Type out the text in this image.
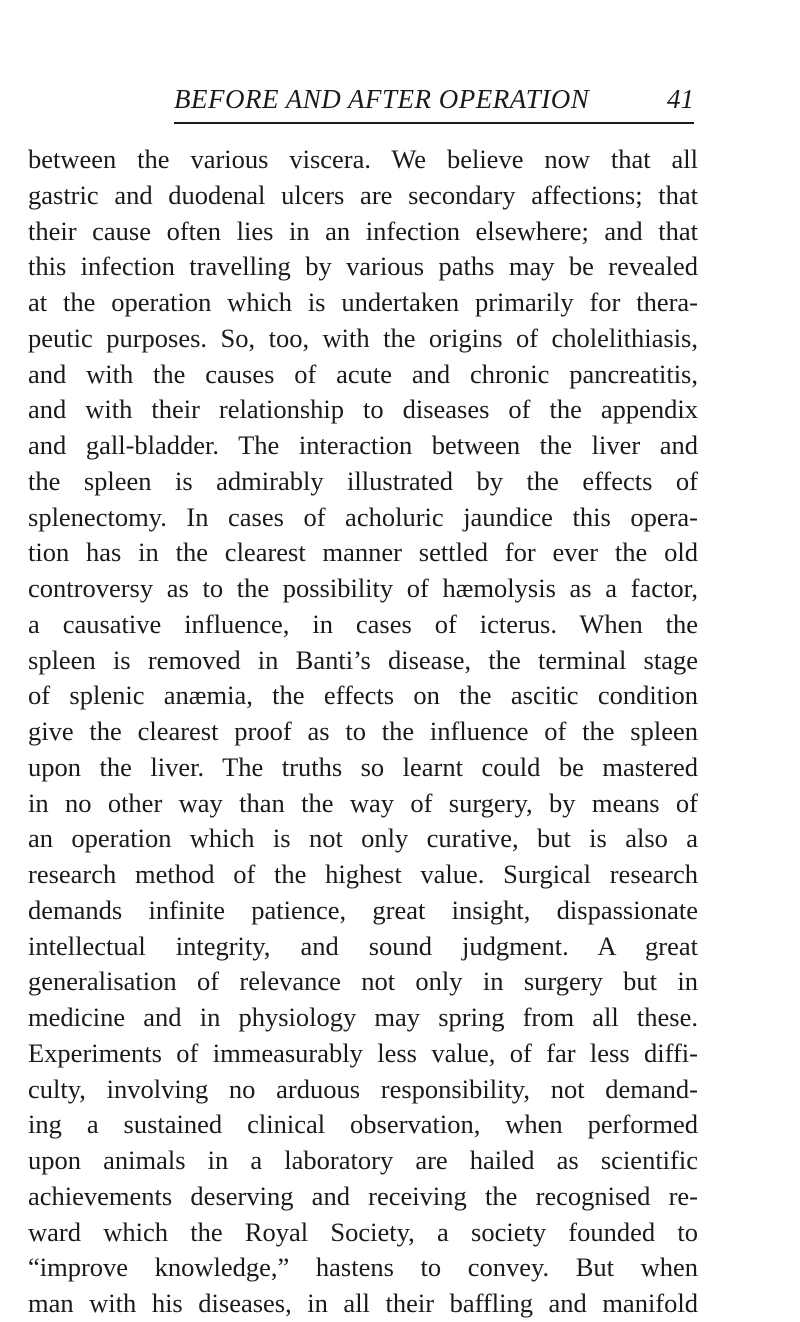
BEFORE AND AFTER OPERATION	41
between the various viscera. We believe now that all
gastric and duodenal ulcers are secondary affections; that
their cause often lies in an infection elsewhere; and that
this infection travelling by various paths may be revealed
at the operation which is undertaken primarily for thera-
peutic purposes. So, too, with the origins of cholelithiasis,
and with the causes of acute and chronic pancreatitis,
and with their relationship to diseases of the appendix
and gall-bladder. The interaction between the liver and
the spleen is admirably illustrated by the effects of
splenectomy. In cases of acholuric jaundice this opera-
tion has in the clearest manner settled for ever the old
controversy as to the possibility of hæmolysis as a factor,
a causative influence, in cases of icterus. When the
spleen is removed in Banti’s disease, the terminal stage
of splenic anæmia, the effects on the ascitic condition
give the clearest proof as to the influence of the spleen
upon the liver. The truths so learnt could be mastered
in no other way than the way of surgery, by means of
an operation which is not only curative, but is also a
research method of the highest value. Surgical research
demands infinite patience, great insight, dispassionate
intellectual integrity, and sound judgment. A great
generalisation of relevance not only in surgery but in
medicine and in physiology may spring from all these.
Experiments of immeasurably less value, of far less diffi-
culty, involving no arduous responsibility, not demand-
ing a sustained clinical observation, when performed
upon animals in a laboratory are hailed as scientific
achievements deserving and receiving the recognised re-
ward which the Royal Society, a society founded to
“improve knowledge,” hastens to convey. But when
man with his diseases, in all their baffling and manifold
